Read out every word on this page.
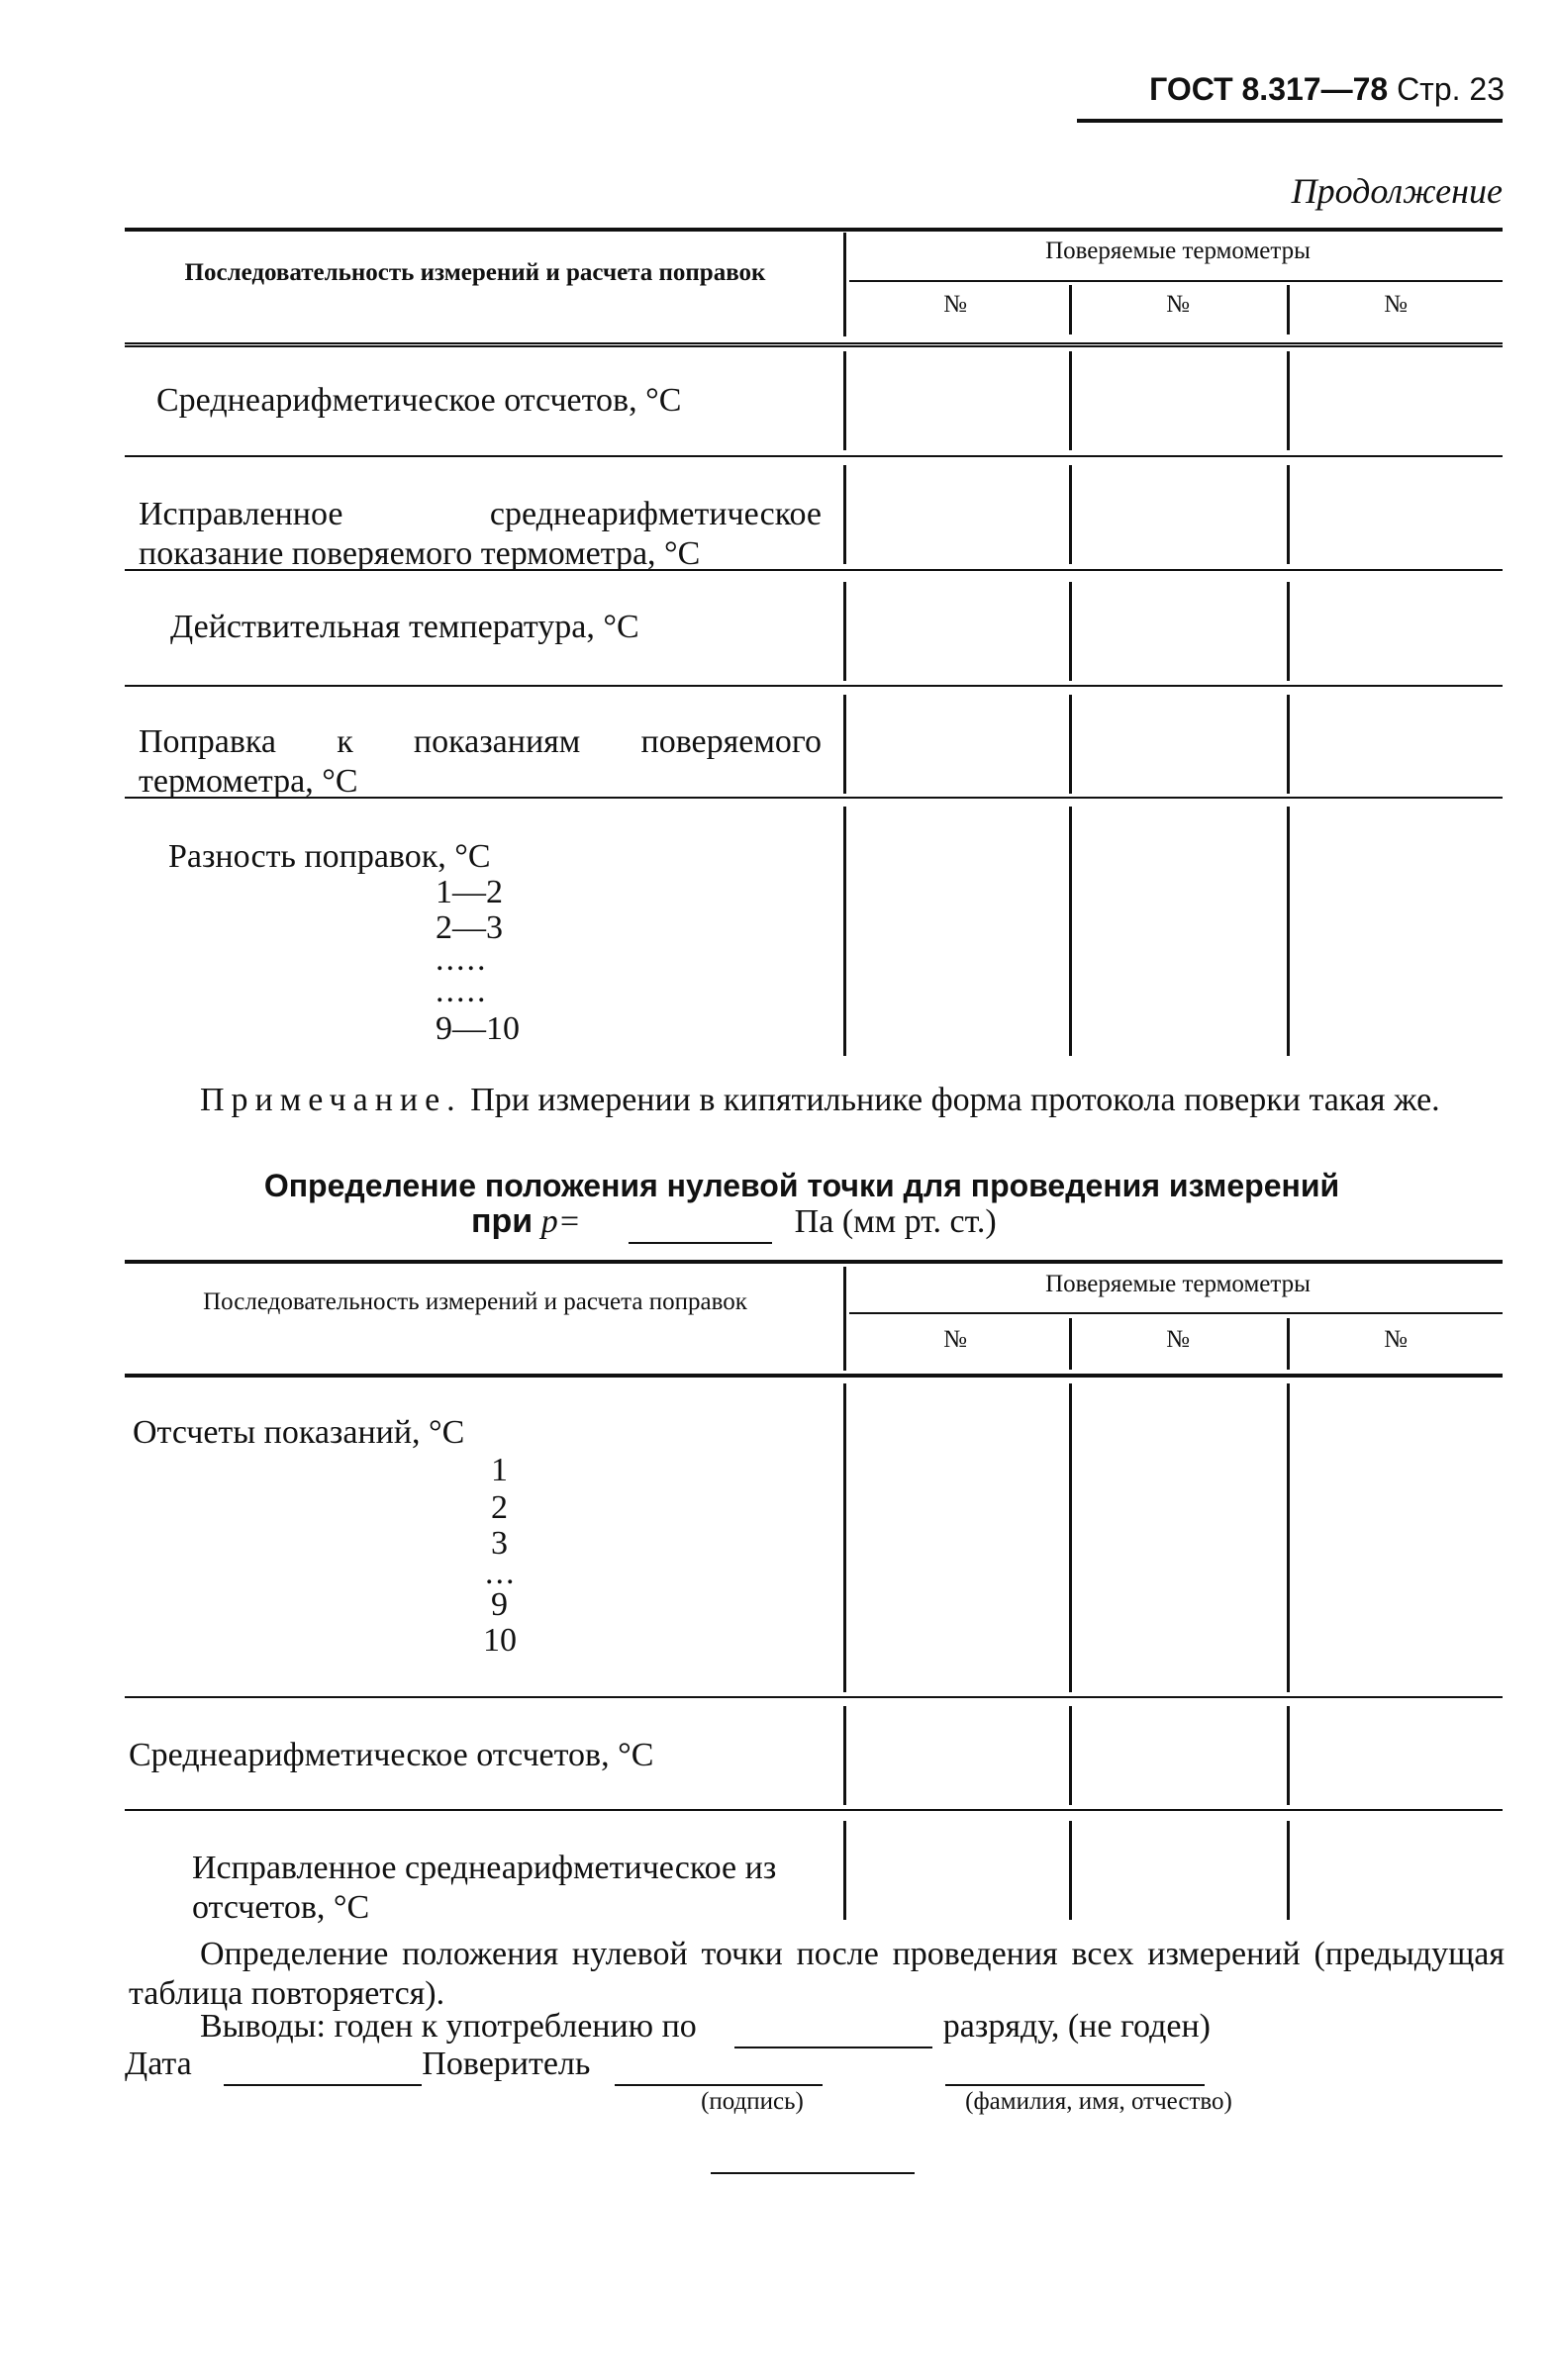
ГОСТ 8.317—78 Стр. 23
Продолжение
Последовательность измерений и расчета поправок
Поверяемые термометры
№	№	№
Среднеарифметическое отсчетов, °С
Исправленное среднеарифметическое показание поверяемого термометра, °С
Действительная температура, °С
Поправка к показаниям поверяемого термометра, °С
Разность поправок, °С
1—2
2—3
.....
.....
9—10
Примечание. При измерении в кипятильнике форма протокола поверки такая же.
Определение положения нулевой точки для проведения измерений
при p=	Па (мм рт. ст.)
Последовательность измерений и расчета поправок
Поверяемые термометры
№	№	№
Отсчеты показаний, °С
1
2
3
...
9
10
Среднеарифметическое отсчетов, °С
Исправленное среднеарифметическое из отсчетов, °С
Определение положения нулевой точки после проведения всех измерений (предыдущая таблица повторяется).
Выводы: годен к употреблению по	разряду, (не годен)
Дата	Поверитель
(подпись)	(фамилия, имя, отчество)
